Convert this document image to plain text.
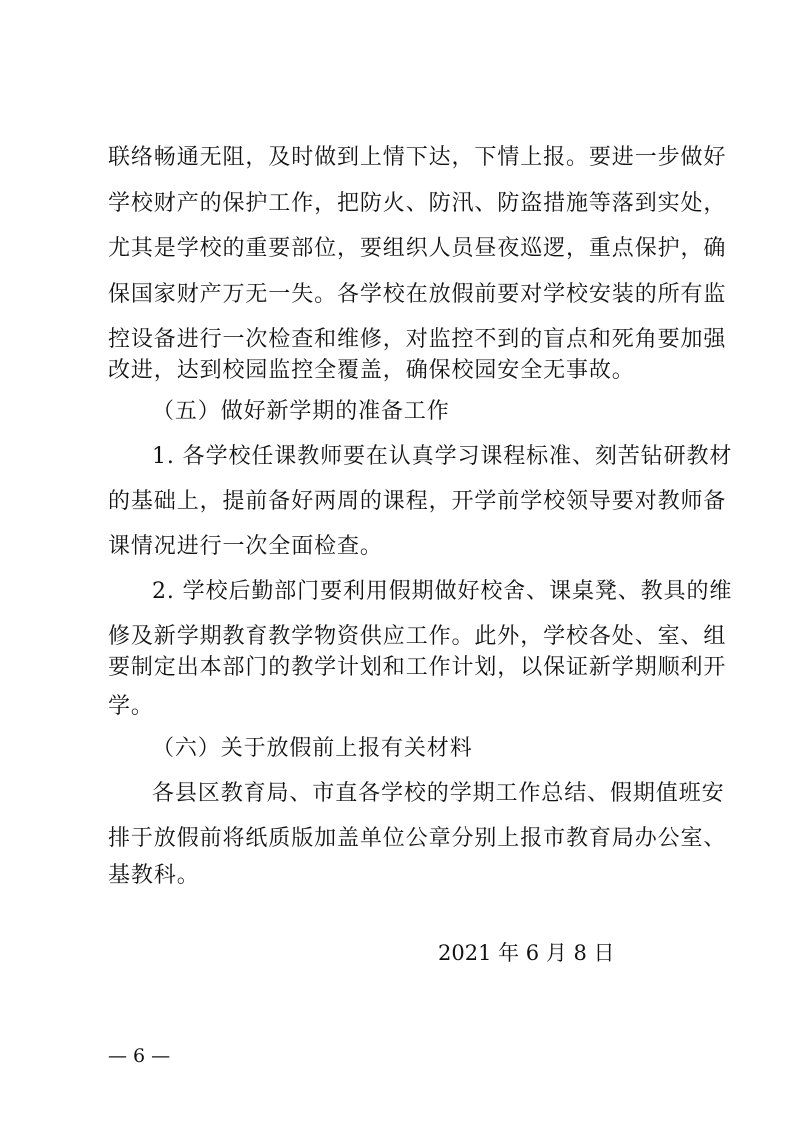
联络畅通无阻，及时做到上情下达，下情上报。要进一步做好
学校财产的保护工作，把防火、防汛、防盗措施等落到实处，
尤其是学校的重要部位，要组织人员昼夜巡逻，重点保护，确
保国家财产万无一失。各学校在放假前要对学校安装的所有监
控设备进行一次检查和维修，对监控不到的盲点和死角要加强
改进，达到校园监控全覆盖，确保校园安全无事故。
（五）做好新学期的准备工作
1. 各学校任课教师要在认真学习课程标准、刻苦钻研教材
的基础上，提前备好两周的课程，开学前学校领导要对教师备
课情况进行一次全面检查。
2. 学校后勤部门要利用假期做好校舍、课桌凳、教具的维
修及新学期教育教学物资供应工作。此外，学校各处、室、组
要制定出本部门的教学计划和工作计划，以保证新学期顺利开
学。
（六）关于放假前上报有关材料
各县区教育局、市直各学校的学期工作总结、假期值班安
排于放假前将纸质版加盖单位公章分别上报市教育局办公室、
基教科。
2021 年 6 月 8 日
— 6 —
